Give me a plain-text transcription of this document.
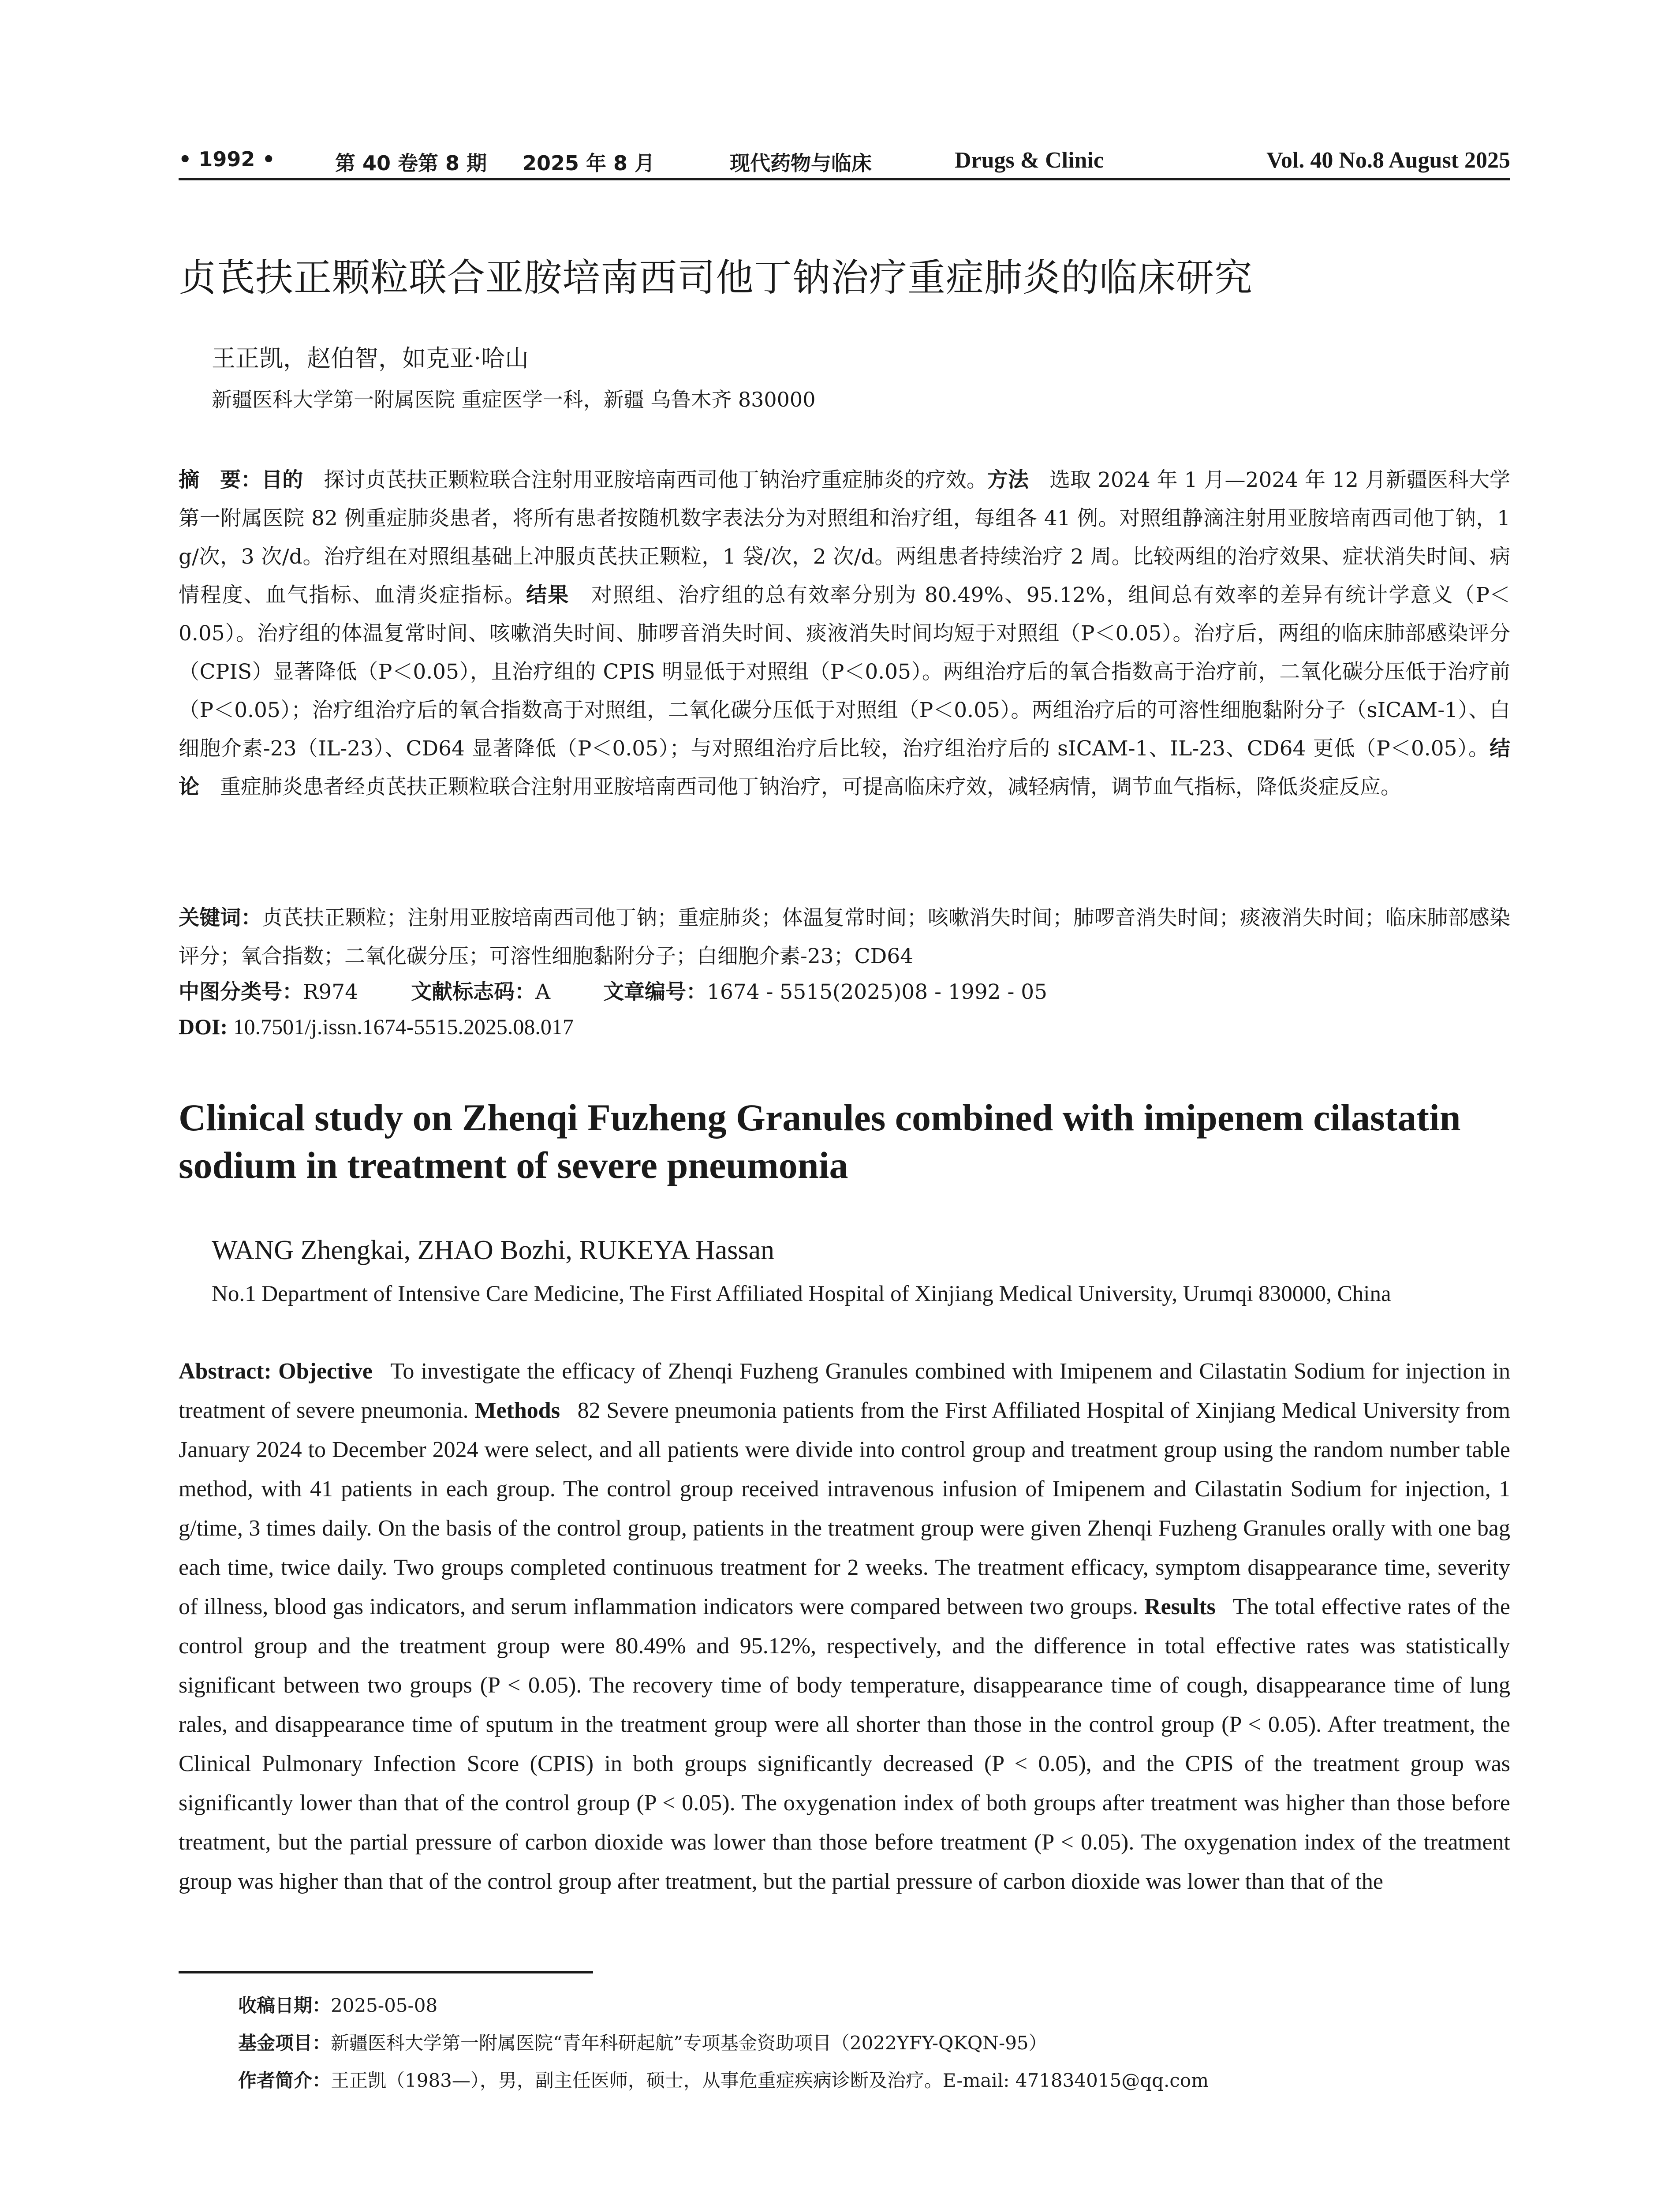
• 1992 •	第 40 卷第 8 期 2025 年 8 月	现代药物与临床	Drugs & Clinic	Vol. 40 No.8 August 2025
贞芪扶正颗粒联合亚胺培南西司他丁钠治疗重症肺炎的临床研究
王正凯，赵伯智，如克亚·哈山
新疆医科大学第一附属医院 重症医学一科，新疆 乌鲁木齐 830000
摘　要：目的  探讨贞芪扶正颗粒联合注射用亚胺培南西司他丁钠治疗重症肺炎的疗效。方法  选取 2024 年 1 月—2024 年 12 月新疆医科大学第一附属医院 82 例重症肺炎患者，将所有患者按随机数字表法分为对照组和治疗组，每组各 41 例。对照组静滴注射用亚胺培南西司他丁钠，1 g/次，3 次/d。治疗组在对照组基础上冲服贞芪扶正颗粒，1 袋/次，2 次/d。两组患者持续治疗 2 周。比较两组的治疗效果、症状消失时间、病情程度、血气指标、血清炎症指标。结果  对照组、治疗组的总有效率分别为 80.49%、95.12%，组间总有效率的差异有统计学意义（P＜0.05）。治疗组的体温复常时间、咳嗽消失时间、肺啰音消失时间、痰液消失时间均短于对照组（P＜0.05）。治疗后，两组的临床肺部感染评分（CPIS）显著降低（P＜0.05），且治疗组的 CPIS 明显低于对照组（P＜0.05）。两组治疗后的氧合指数高于治疗前，二氧化碳分压低于治疗前（P＜0.05）；治疗组治疗后的氧合指数高于对照组，二氧化碳分压低于对照组（P＜0.05）。两组治疗后的可溶性细胞黏附分子（sICAM-1）、白细胞介素-23（IL-23）、CD64 显著降低（P＜0.05）；与对照组治疗后比较，治疗组治疗后的 sICAM-1、IL-23、CD64 更低（P＜0.05）。结论  重症肺炎患者经贞芪扶正颗粒联合注射用亚胺培南西司他丁钠治疗，可提高临床疗效，减轻病情，调节血气指标，降低炎症反应。
关键词：贞芪扶正颗粒；注射用亚胺培南西司他丁钠；重症肺炎；体温复常时间；咳嗽消失时间；肺啰音消失时间；痰液消失时间；临床肺部感染评分；氧合指数；二氧化碳分压；可溶性细胞黏附分子；白细胞介素-23；CD64
中图分类号：R974	文献标志码：A	文章编号：1674 - 5515(2025)08 - 1992 - 05
DOI: 10.7501/j.issn.1674-5515.2025.08.017
Clinical study on Zhenqi Fuzheng Granules combined with imipenem cilastatin sodium in treatment of severe pneumonia
WANG Zhengkai, ZHAO Bozhi, RUKEYA Hassan
No.1 Department of Intensive Care Medicine, The First Affiliated Hospital of Xinjiang Medical University, Urumqi 830000, China
Abstract: Objective  To investigate the efficacy of Zhenqi Fuzheng Granules combined with Imipenem and Cilastatin Sodium for injection in treatment of severe pneumonia. Methods  82 Severe pneumonia patients from the First Affiliated Hospital of Xinjiang Medical University from January 2024 to December 2024 were select, and all patients were divide into control group and treatment group using the random number table method, with 41 patients in each group. The control group received intravenous infusion of Imipenem and Cilastatin Sodium for injection, 1 g/time, 3 times daily. On the basis of the control group, patients in the treatment group were given Zhenqi Fuzheng Granules orally with one bag each time, twice daily. Two groups completed continuous treatment for 2 weeks. The treatment efficacy, symptom disappearance time, severity of illness, blood gas indicators, and serum inflammation indicators were compared between two groups. Results  The total effective rates of the control group and the treatment group were 80.49% and 95.12%, respectively, and the difference in total effective rates was statistically significant between two groups (P < 0.05). The recovery time of body temperature, disappearance time of cough, disappearance time of lung rales, and disappearance time of sputum in the treatment group were all shorter than those in the control group (P < 0.05). After treatment, the Clinical Pulmonary Infection Score (CPIS) in both groups significantly decreased (P < 0.05), and the CPIS of the treatment group was significantly lower than that of the control group (P < 0.05). The oxygenation index of both groups after treatment was higher than those before treatment, but the partial pressure of carbon dioxide was lower than those before treatment (P < 0.05). The oxygenation index of the treatment group was higher than that of the control group after treatment, but the partial pressure of carbon dioxide was lower than that of the
收稿日期：2025-05-08
基金项目：新疆医科大学第一附属医院“青年科研起航”专项基金资助项目（2022YFY-QKQN-95）
作者简介：王正凯（1983—），男，副主任医师，硕士，从事危重症疾病诊断及治疗。E-mail: 471834015@qq.com
